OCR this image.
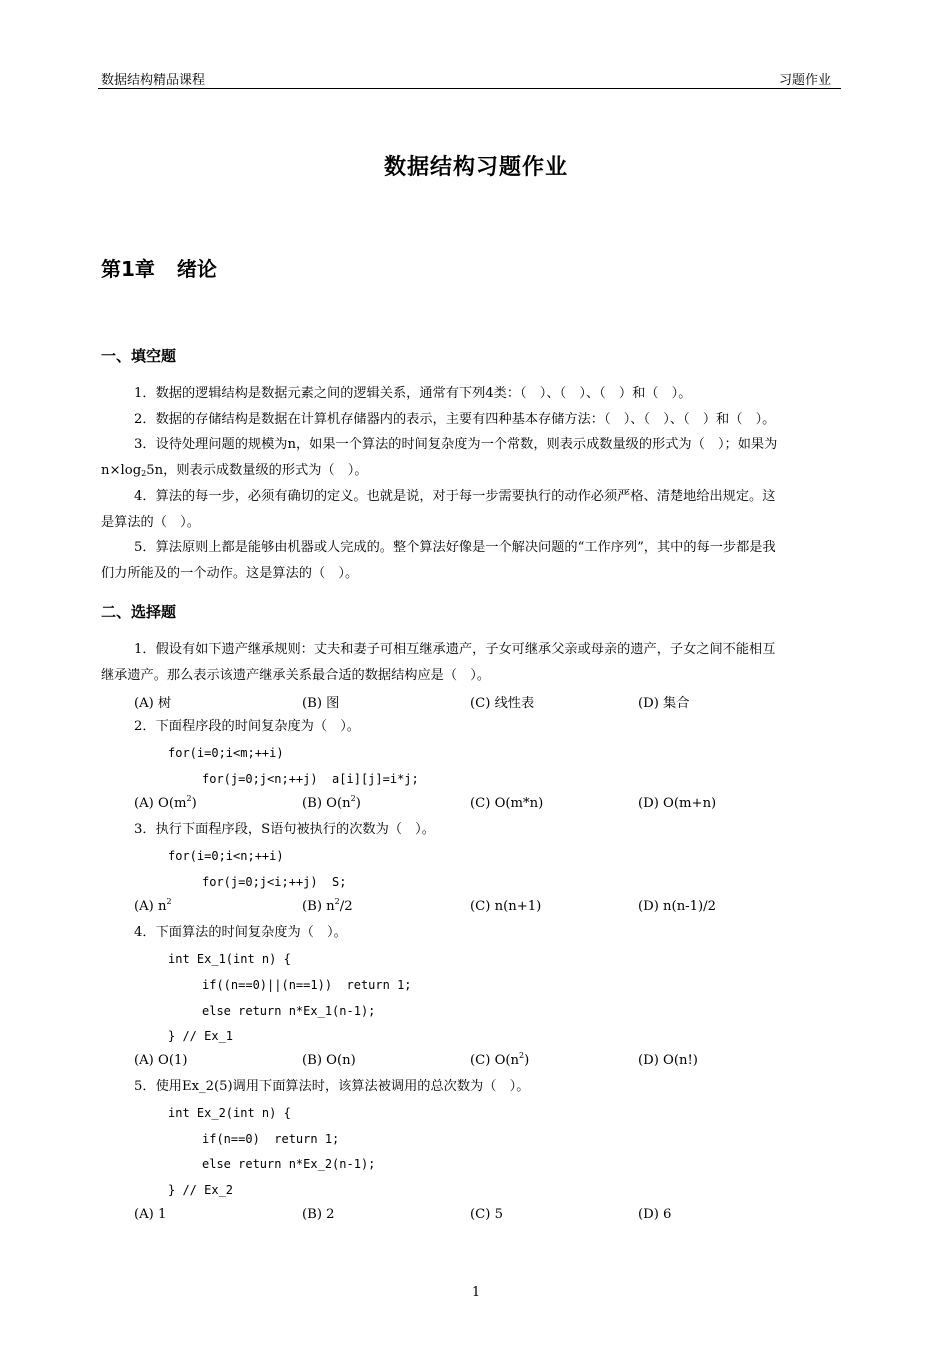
数据结构精品课程	习题作业
数据结构习题作业
第1章 绪论
一、填空题
1．数据的逻辑结构是数据元素之间的逻辑关系，通常有下列4类：（　）、（　）、（　）和（　）。
2．数据的存储结构是数据在计算机存储器内的表示，主要有四种基本存储方法：（　）、（　）、（　）和（　）。
3．设待处理问题的规模为n，如果一个算法的时间复杂度为一个常数，则表示成数量级的形式为（　）；如果为
$n\times\log_25n$，则表示成数量级的形式为（　）。
4．算法的每一步，必须有确切的定义。也就是说，对于每一步需要执行的动作必须严格、清楚地给出规定。这
是算法的（　）。
5．算法原则上都是能够由机器或人完成的。整个算法好像是一个解决问题的“工作序列”，其中的每一步都是我
们力所能及的一个动作。这是算法的（　）。
二、选择题
1．假设有如下遗产继承规则：丈夫和妻子可相互继承遗产，子女可继承父亲或母亲的遗产，子女之间不能相互
继承遗产。那么表示该遗产继承关系最合适的数据结构应是（　）。
(A) 树	(B) 图	(C) 线性表	(D) 集合
2．下面程序段的时间复杂度为（　）。
for(i=0;i<m;++i)
for(j=0;j<n;++j)  a[i][j]=i*j;
(A) $O(m^2)$	(B) $O(n^2)$	(C) O(m*n)	(D) O(m+n)
3．执行下面程序段，S语句被执行的次数为（　）。
for(i=0;i<n;++i)
for(j=0;j<i;++j)  S;
(A) $n^2$	(B) $n^2/2$	(C) n(n+1)	(D) n(n-1)/2
4．下面算法的时间复杂度为（　）。
int Ex_1(int n) {
if((n==0)||(n==1))  return 1;
else return n*Ex_1(n-1);
} // Ex_1
(A) O(1)	(B) O(n)	(C) $O(n^2)$	(D) O(n!)
5．使用Ex_2(5)调用下面算法时，该算法被调用的总次数为（　）。
int Ex_2(int n) {
if(n==0)  return 1;
else return n*Ex_2(n-1);
} // Ex_2
(A) 1	(B) 2	(C) 5	(D) 6
1
